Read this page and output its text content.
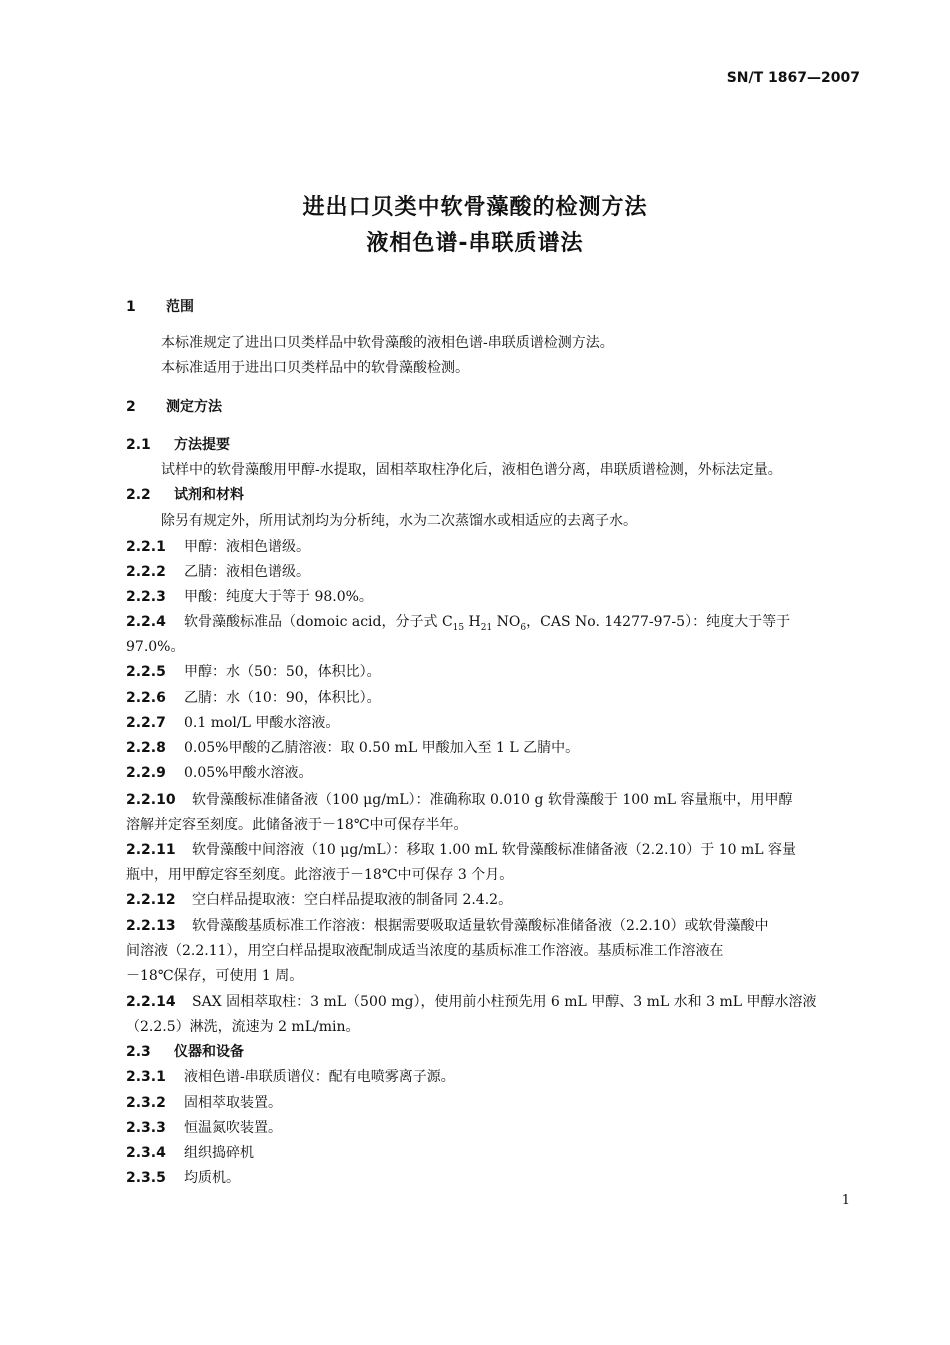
SN/T 1867—2007
进出口贝类中软骨藻酸的检测方法
液相色谱-串联质谱法
1 范围
本标准规定了进出口贝类样品中软骨藻酸的液相色谱-串联质谱检测方法。
本标准适用于进出口贝类样品中的软骨藻酸检测。
2 测定方法
2.1 方法提要
试样中的软骨藻酸用甲醇-水提取，固相萃取柱净化后，液相色谱分离，串联质谱检测，外标法定量。
2.2 试剂和材料
除另有规定外，所用试剂均为分析纯，水为二次蒸馏水或相适应的去离子水。
2.2.1 甲醇：液相色谱级。
2.2.2 乙腈：液相色谱级。
2.2.3 甲酸：纯度大于等于 98.0%。
2.2.4 软骨藻酸标准品（domoic acid，分子式 $C_{15}$ $H_{21}$ $NO_6$，CAS No. 14277-97-5）：纯度大于等于
97.0%。
2.2.5 甲醇：水（50：50，体积比）。
2.2.6 乙腈：水（10：90，体积比）。
2.2.7 0.1 mol/L 甲酸水溶液。
2.2.8 0.05%甲酸的乙腈溶液：取 0.50 mL 甲酸加入至 1 L 乙腈中。
2.2.9 0.05%甲酸水溶液。
2.2.10 软骨藻酸标准储备液（100 μg/mL）：准确称取 0.010 g 软骨藻酸于 100 mL 容量瓶中，用甲醇
溶解并定容至刻度。此储备液于－18℃中可保存半年。
2.2.11 软骨藻酸中间溶液（10 μg/mL）：移取 1.00 mL 软骨藻酸标准储备液（2.2.10）于 10 mL 容量
瓶中，用甲醇定容至刻度。此溶液于－18℃中可保存 3 个月。
2.2.12 空白样品提取液：空白样品提取液的制备同 2.4.2。
2.2.13 软骨藻酸基质标准工作溶液：根据需要吸取适量软骨藻酸标准储备液（2.2.10）或软骨藻酸中
间溶液（2.2.11），用空白样品提取液配制成适当浓度的基质标准工作溶液。基质标准工作溶液在
－18℃保存，可使用 1 周。
2.2.14 SAX 固相萃取柱：3 mL（500 mg），使用前小柱预先用 6 mL 甲醇、3 mL 水和 3 mL 甲醇水溶液
（2.2.5）淋洗，流速为 2 mL/min。
2.3 仪器和设备
2.3.1 液相色谱-串联质谱仪：配有电喷雾离子源。
2.3.2 固相萃取装置。
2.3.3 恒温氮吹装置。
2.3.4 组织捣碎机
2.3.5 均质机。
1
